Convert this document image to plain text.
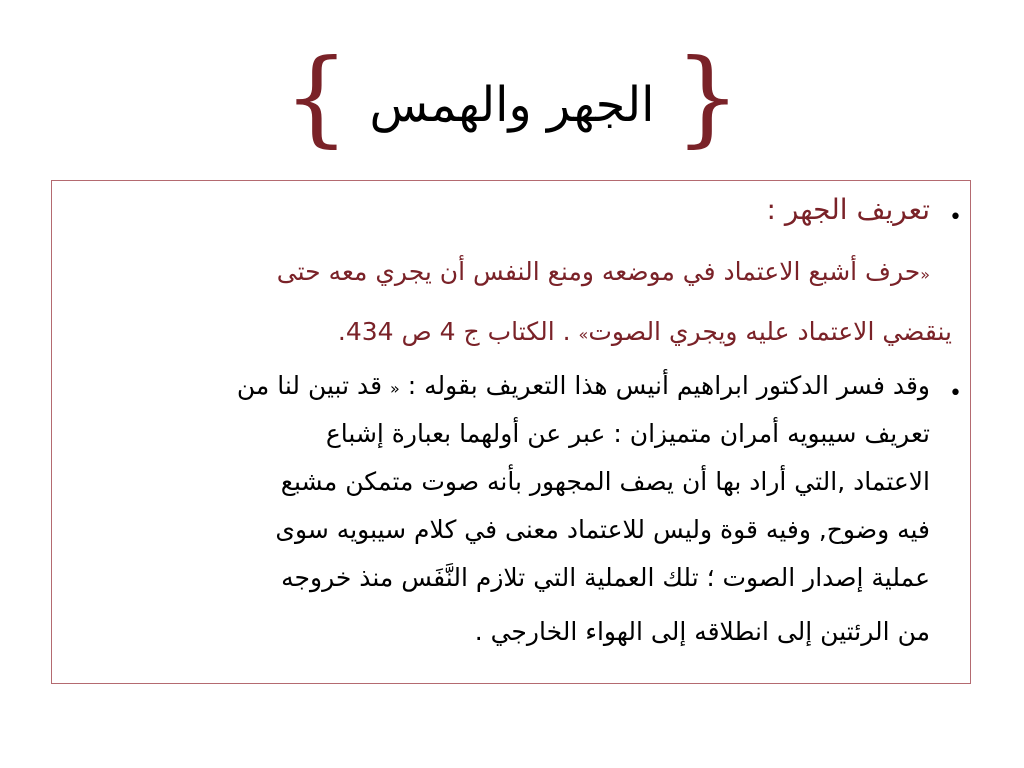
{ الجهر والهمس }
•
تعريف الجهر :
«حرف أشبع الاعتماد في موضعه ومنع النفس أن يجري معه حتى
ينقضي الاعتماد عليه ويجري الصوت» . الكتاب ج 4 ص 434.
•
وقد فسر الدكتور ابراهيم أنيس هذا التعريف بقوله : « قد تبين لنا من
تعريف سيبويه أمران متميزان : عبر عن أولهما بعبارة إشباع
الاعتماد ,التي أراد بها أن يصف المجهور بأنه صوت متمكن مشبع
فيه وضوح, وفيه قوة وليس للاعتماد معنى في كلام سيبويه سوى
عملية إصدار الصوت ؛ تلك العملية التي تلازم النَّفَس منذ خروجه
من الرئتين إلى انطلاقه إلى الهواء الخارجي .
